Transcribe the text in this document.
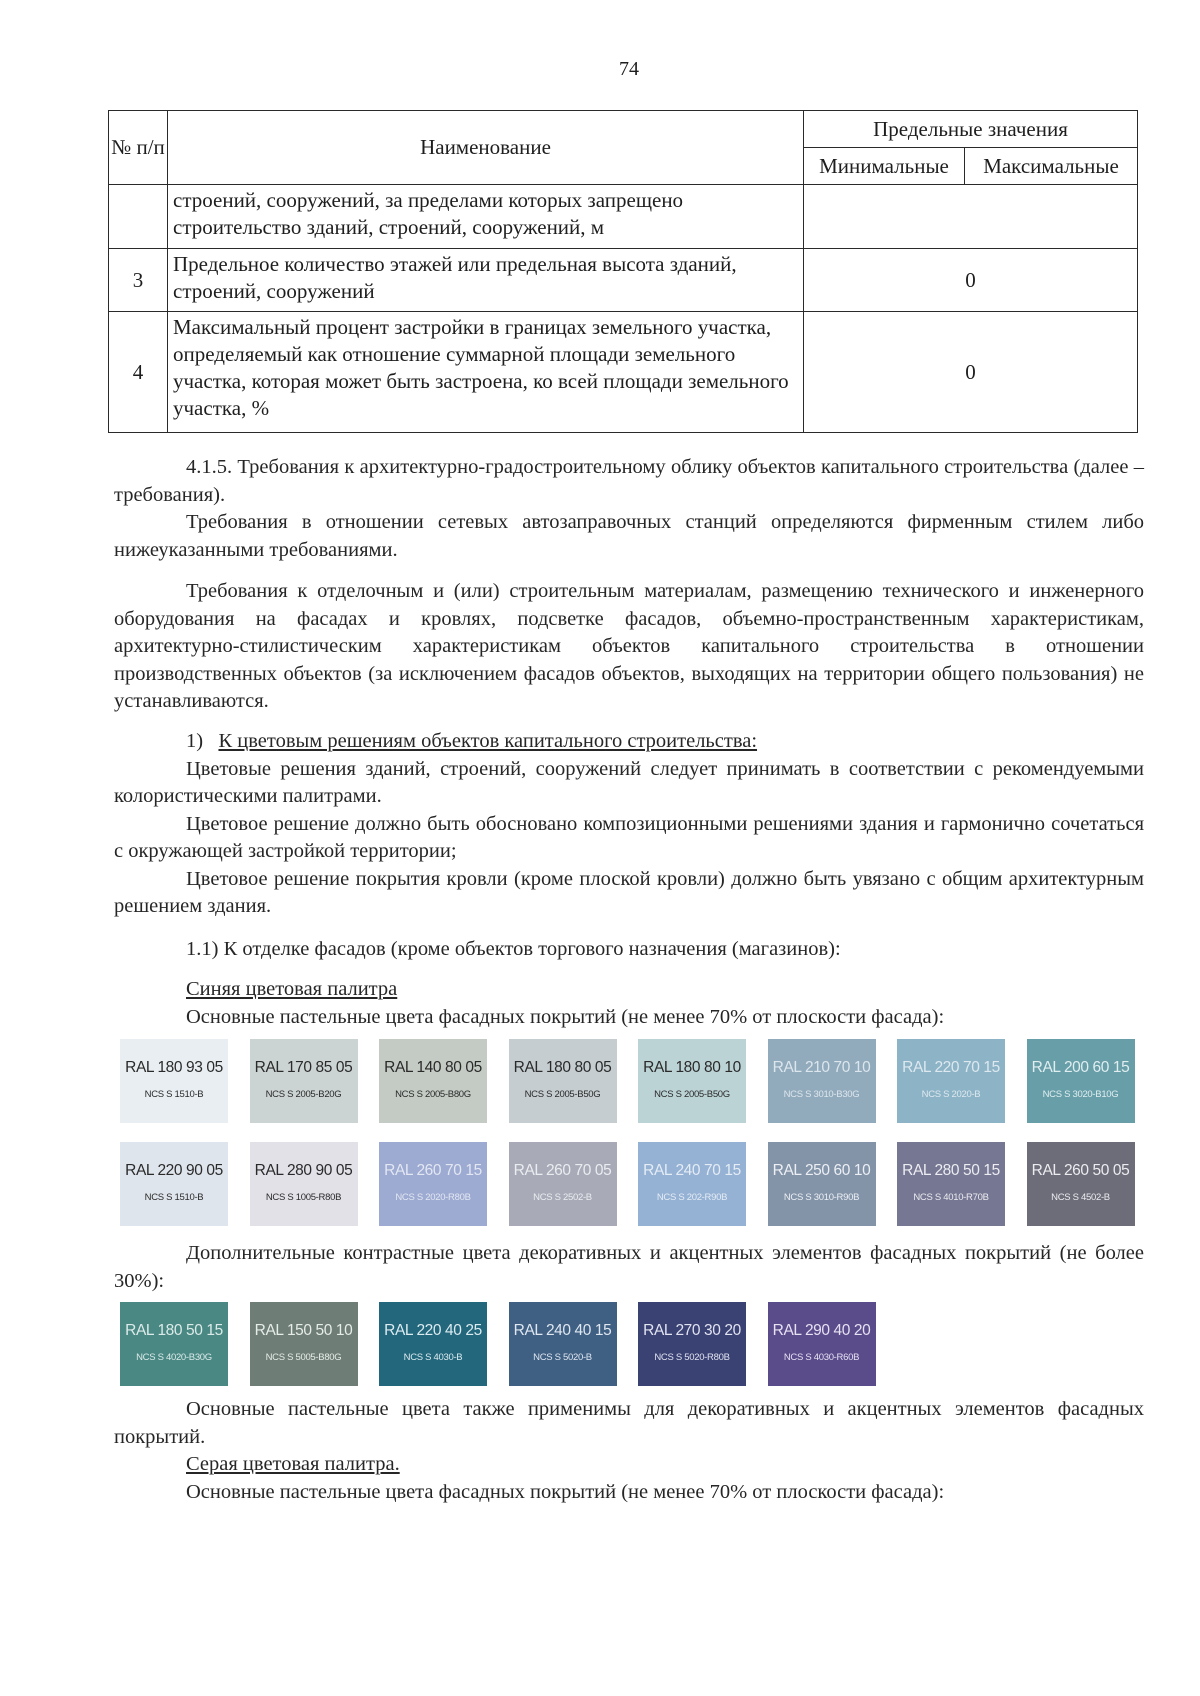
74
№ п/п	Наименование	Предельные значения	
		Минимальные	Максимальные
	строений, сооружений, за пределами которых запрещено строительство зданий, строений, сооружений, м		
3	Предельное количество этажей или предельная высота зданий, строений, сооружений	0	
4	Максимальный процент застройки в границах земельного участка, определяемый как отношение суммарной площади земельного участка, которая может быть застроена, ко всей площади земельного участка, %	0	

4.1.5. Требования к архитектурно-градостроительному облику объектов капитального строительства (далее – требования).

Требования в отношении сетевых автозаправочных станций определяются фирменным стилем либо нижеуказанными требованиями.

Требования к отделочным и (или) строительным материалам, размещению технического и инженерного оборудования на фасадах и кровлях, подсветке фасадов, объемно-пространственным характеристикам, архитектурно-стилистическим характеристикам объектов капитального строительства в отношении производственных объектов (за исключением фасадов объектов, выходящих на территории общего пользования) не устанавливаются.

1) К цветовым решениям объектов капитального строительства:

Цветовые решения зданий, строений, сооружений следует принимать в соответствии с рекомендуемыми колористическими палитрами.

Цветовое решение должно быть обосновано композиционными решениями здания и гармонично сочетаться с окружающей застройкой территории;

Цветовое решение покрытия кровли (кроме плоской кровли) должно быть увязано с общим архитектурным решением здания.

1.1) К отделке фасадов (кроме объектов торгового назначения (магазинов):

Синяя цветовая палитра

Основные пастельные цвета фасадных покрытий (не менее 70% от плоскости фасада):

RAL 180 93 05
NCS S 1510-B
RAL 170 85 05
NCS S 2005-B20G
RAL 140 80 05
NCS S 2005-B80G
RAL 180 80 05
NCS S 2005-B50G
RAL 180 80 10
NCS S 2005-B50G
RAL 210 70 10
NCS S 3010-B30G
RAL 220 70 15
NCS S 2020-B
RAL 200 60 15
NCS S 3020-B10G
RAL 220 90 05
NCS S 1510-B
RAL 280 90 05
NCS S 1005-R80B
RAL 260 70 15
NCS S 2020-R80B
RAL 260 70 05
NCS S 2502-B
RAL 240 70 15
NCS S 202-R90B
RAL 250 60 10
NCS S 3010-R90B
RAL 280 50 15
NCS S 4010-R70B
RAL 260 50 05
NCS S 4502-B

Дополнительные контрастные цвета декоративных и акцентных элементов фасадных покрытий (не более 30%):

RAL 180 50 15
NCS S 4020-B30G
RAL 150 50 10
NCS S 5005-B80G
RAL 220 40 25
NCS S 4030-B
RAL 240 40 15
NCS S 5020-B
RAL 270 30 20
NCS S 5020-R80B
RAL 290 40 20
NCS S 4030-R60B

Основные пастельные цвета также применимы для декоративных и акцентных элементов фасадных покрытий.

Серая цветовая палитра.

Основные пастельные цвета фасадных покрытий (не менее 70% от плоскости фасада):
